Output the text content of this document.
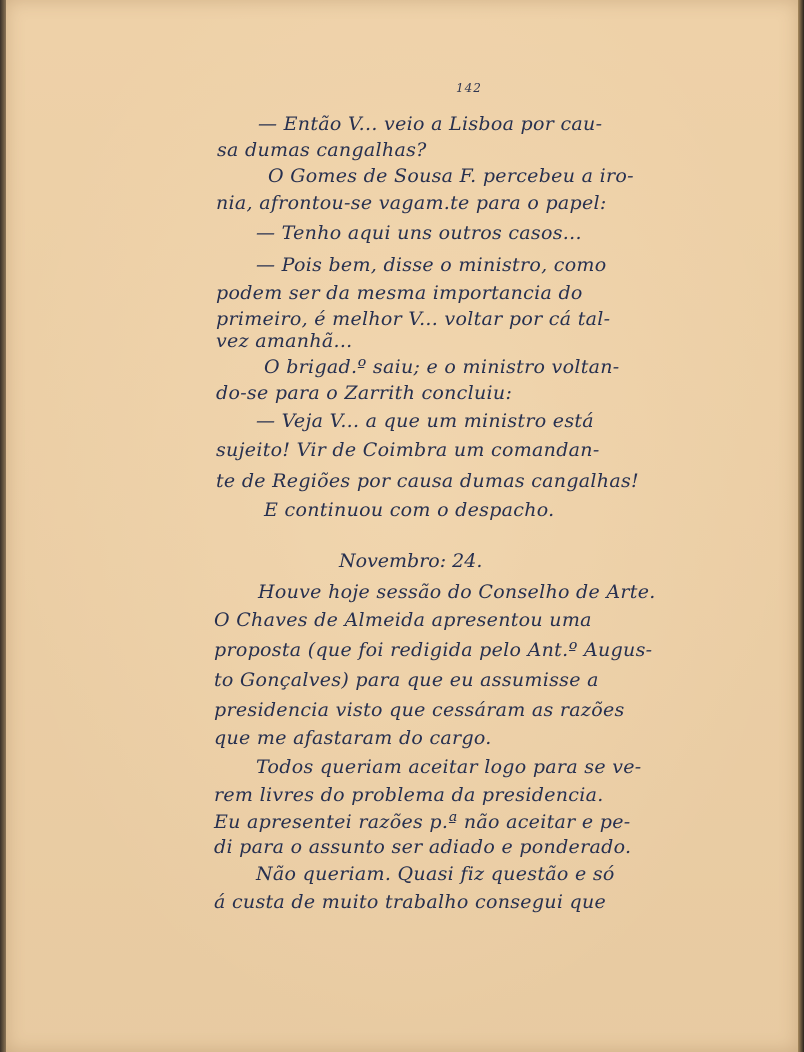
142
— Então V... veio a Lisboa por cau-
sa dumas cangalhas?
O Gomes de Sousa F. percebeu a iro-
nia, afrontou-se vagam.te para o papel:
— Tenho aqui uns outros casos...
— Pois bem, disse o ministro, como
podem ser da mesma importancia do
primeiro, é melhor V... voltar por cá tal-
vez amanhã...
O brigad.º saiu; e o ministro voltan-
do-se para o Zarrith concluiu:
— Veja V... a que um ministro está
sujeito! Vir de Coimbra um comandan-
te de Regiões por causa dumas cangalhas!
E continuou com o despacho.
Novembro: 24.
Houve hoje sessão do Conselho de Arte.
O Chaves de Almeida apresentou uma
proposta (que foi redigida pelo Ant.º Augus-
to Gonçalves) para que eu assumisse a
presidencia visto que cessáram as razões
que me afastaram do cargo.
Todos queriam aceitar logo para se ve-
rem livres do problema da presidencia.
Eu apresentei razões p.ª não aceitar e pe-
di para o assunto ser adiado e ponderado.
Não queriam. Quasi fiz questão e só
á custa de muito trabalho consegui que
